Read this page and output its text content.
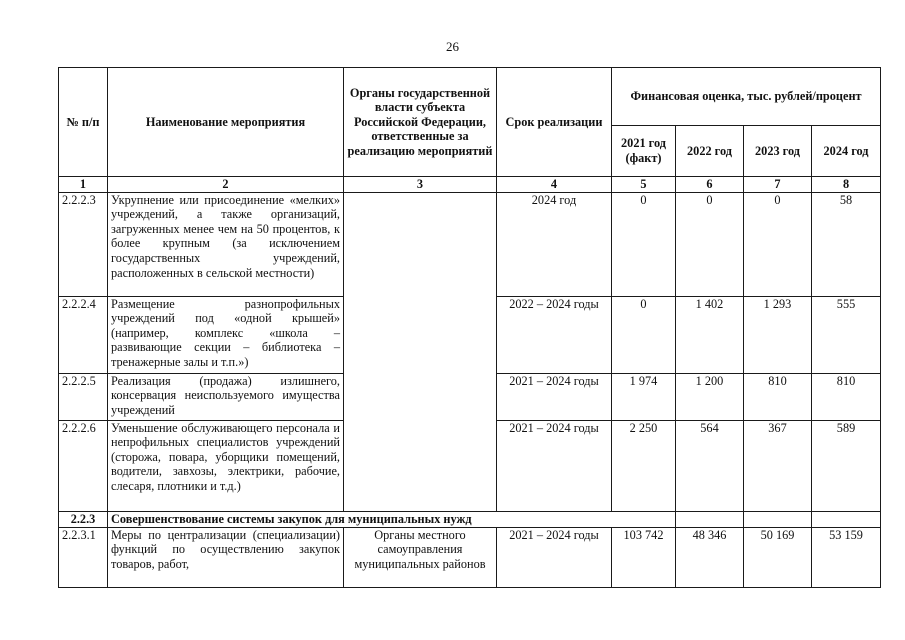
26
№ п/п	Наименование мероприятия	Органы государственной власти субъекта Российской Федерации, ответственные за реализацию мероприятий	Срок реализации	Финансовая оценка, тыс. рублей/процент			
				2021 год (факт)	2022 год	2023 год	2024 год
1	2	3	4	5	6	7	8
2.2.2.3	Укрупнение или присоединение «мелких» учреждений, а также организаций, загруженных менее чем на 50 процентов, к более крупным (за исключением государственных учреждений, расположенных в сельской местности)		2024 год	0	0	0	58
2.2.2.4	Размещение разнопрофильных учреждений под «одной крышей» (например, комплекс «школа – развивающие секции – библиотека – тренажерные залы и т.п.»)		2022 – 2024 годы	0	1 402	1 293	555
2.2.2.5	Реализация (продажа) излишнего, консервация неиспользуемого имущества учреждений		2021 – 2024 годы	1 974	1 200	810	810
2.2.2.6	Уменьшение обслуживающего персонала и непрофильных специалистов учреждений (сторожа, повара, уборщики помещений, водители, завхозы, электрики, рабочие, слесаря, плотники и т.д.)		2021 – 2024 годы	2 250	564	367	589
2.2.3	Совершенствование системы закупок для муниципальных нужд						
2.2.3.1	Меры по централизации (специализации) функций по осуществлению закупок товаров, работ,	Органы местного самоуправления муниципальных районов	2021 – 2024 годы	103 742	48 346	50 169	53 159
